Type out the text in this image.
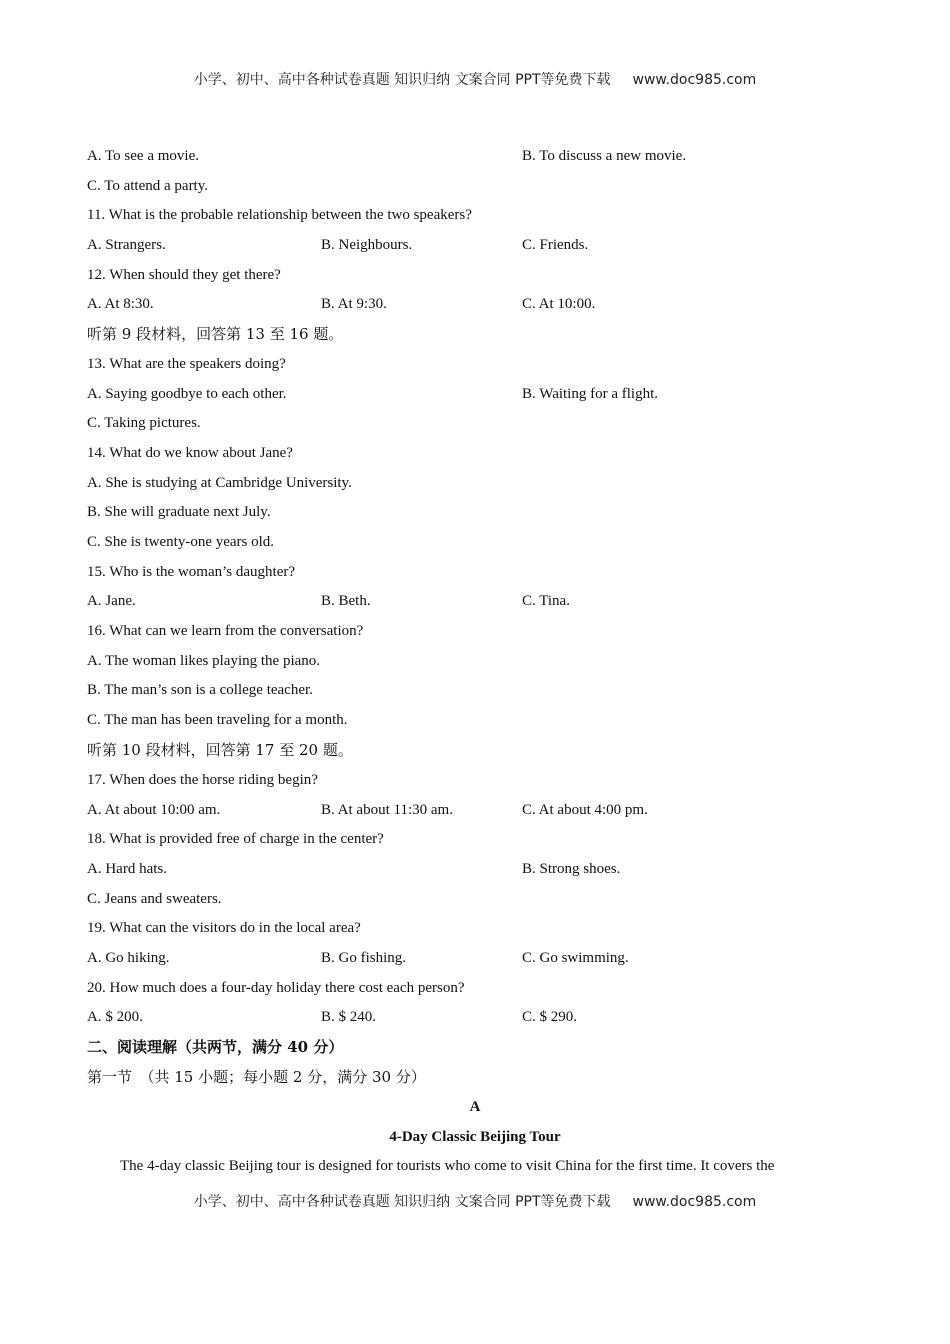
小学、初中、高中各种试卷真题 知识归纳 文案合同 PPT等免费下载 www.doc985.com
A. To see a movie.	B. To discuss a new movie.
C. To attend a party.
11. What is the probable relationship between the two speakers?
A. Strangers.	B. Neighbours.	C. Friends.
12. When should they get there?
A. At 8:30.	B. At 9:30.	C. At 10:00.
听第 9 段材料，回答第 13 至 16 题。
13. What are the speakers doing?
A. Saying goodbye to each other.	B. Waiting for a flight.
C. Taking pictures.
14. What do we know about Jane?
A. She is studying at Cambridge University.
B. She will graduate next July.
C. She is twenty-one years old.
15. Who is the woman’s daughter?
A. Jane.	B. Beth.	C. Tina.
16. What can we learn from the conversation?
A. The woman likes playing the piano.
B. The man’s son is a college teacher.
C. The man has been traveling for a month.
听第 10 段材料，回答第 17 至 20 题。
17. When does the horse riding begin?
A. At about 10:00 am.	B. At about 11:30 am.	C. At about 4:00 pm.
18. What is provided free of charge in the center?
A. Hard hats.	B. Strong shoes.
C. Jeans and sweaters.
19. What can the visitors do in the local area?
A. Go hiking.	B. Go fishing.	C. Go swimming.
20. How much does a four-day holiday there cost each person?
A. $ 200.	B. $ 240.	C. $ 290.
二、阅读理解（共两节，满分 40 分）
第一节　（共 15 小题；每小题 2 分，满分 30 分）
A
4-Day Classic Beijing Tour
The 4-day classic Beijing tour is designed for tourists who come to visit China for the first time. It covers the
小学、初中、高中各种试卷真题 知识归纳 文案合同 PPT等免费下载 www.doc985.com
